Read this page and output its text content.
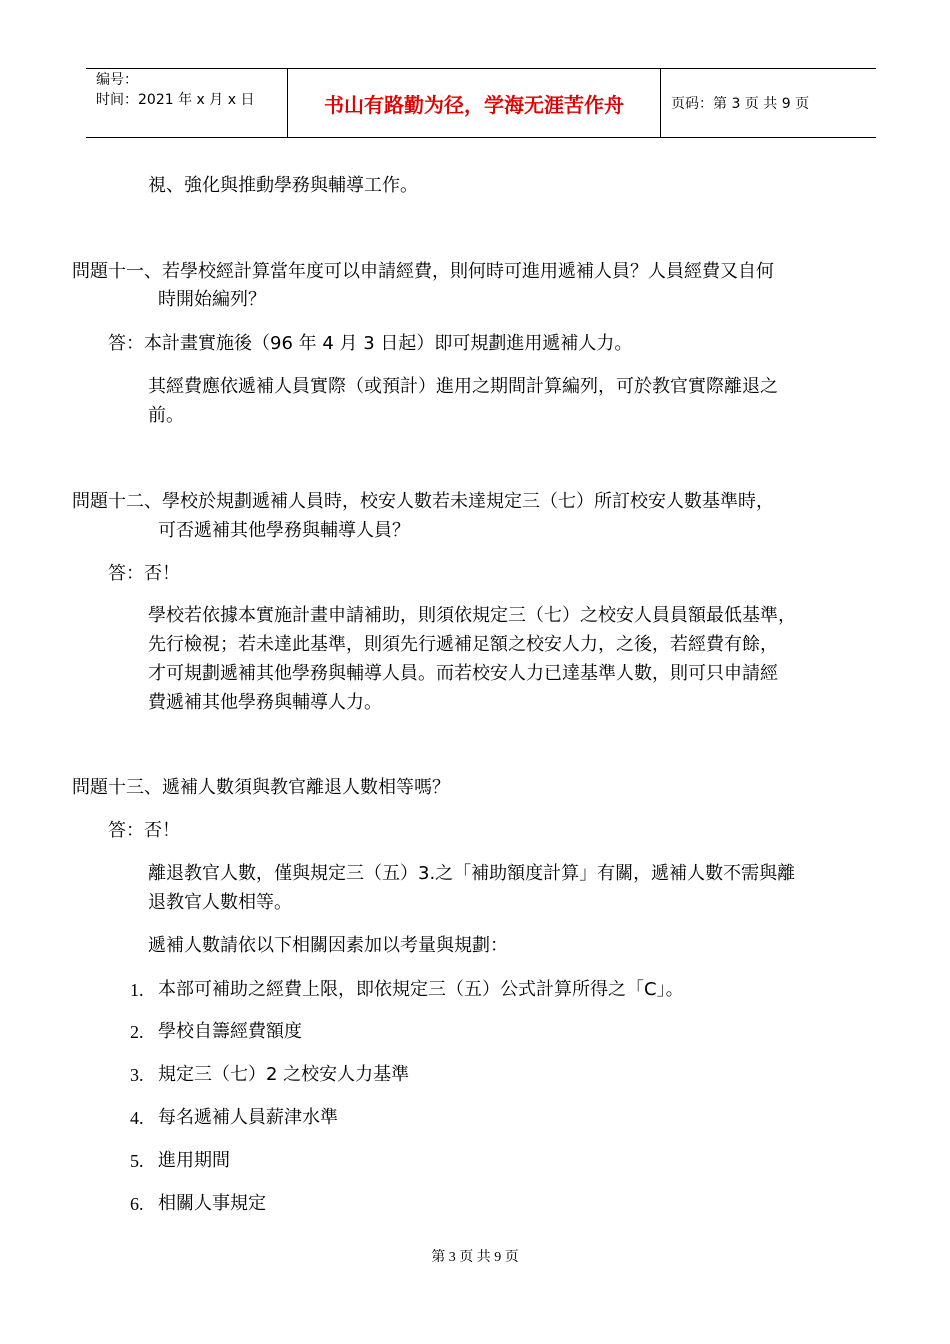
编号：
时间：2021 年 x 月 x 日	书山有路勤为径，学海无涯苦作舟	页码：第 3 页 共 9 页
視、強化與推動學務與輔導工作。
問題十一、若學校經計算當年度可以申請經費，則何時可進用遞補人員？人員經費又自何
時開始編列？
答：本計畫實施後（96 年 4 月 3 日起）即可規劃進用遞補人力。
其經費應依遞補人員實際（或預計）進用之期間計算編列，可於教官實際離退之
前。
問題十二、學校於規劃遞補人員時，校安人數若未達規定三（七）所訂校安人數基準時，
可否遞補其他學務與輔導人員？
答：否！
學校若依據本實施計畫申請補助，則須依規定三（七）之校安人員員額最低基準，
先行檢視；若未達此基準，則須先行遞補足額之校安人力，之後，若經費有餘，
才可規劃遞補其他學務與輔導人員。而若校安人力已達基準人數，則可只申請經
費遞補其他學務與輔導人力。
問題十三、遞補人數須與教官離退人數相等嗎？
答：否！
離退教官人數，僅與規定三（五）3.之「補助額度計算」有關，遞補人數不需與離
退教官人數相等。
遞補人數請依以下相關因素加以考量與規劃：
1. 本部可補助之經費上限，即依規定三（五）公式計算所得之「C」。
2. 學校自籌經費額度
3. 規定三（七）2 之校安人力基準
4. 每名遞補人員薪津水準
5. 進用期間
6. 相關人事規定
第 3 页 共 9 页
